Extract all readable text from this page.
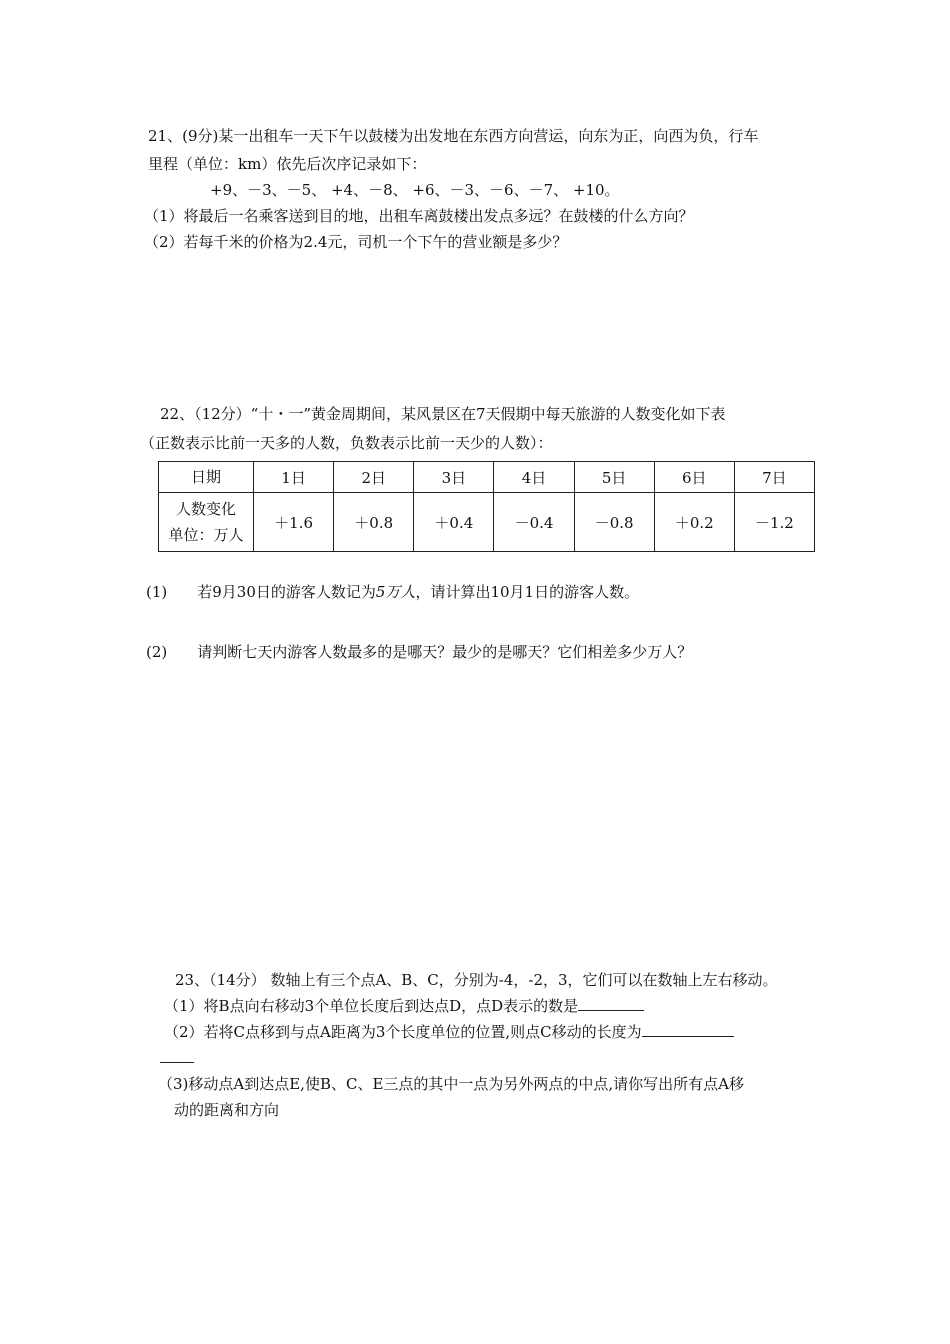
21、(9分)某一出租车一天下午以鼓楼为出发地在东西方向营运，向东为正，向西为负，行车
里程（单位：km）依先后次序记录如下：
+9、－3、－5、 +4、－8、 +6、－3、－6、－7、 +10。
（1）将最后一名乘客送到目的地，出租车离鼓楼出发点多远？在鼓楼的什么方向？
（2）若每千米的价格为2.4元，司机一个下午的营业额是多少？
22、（12分）“十・一”黄金周期间，某风景区在7天假期中每天旅游的人数变化如下表
（正数表示比前一天多的人数，负数表示比前一天少的人数）：
日期	1日	2日	3日	4日	5日	6日	7日

人数变化
单位：万人	＋1.6	＋0.8	＋0.4	－0.4	－0.8	＋0.2	－1.2
(1) 若9月30日的游客人数记为5万人，请计算出10月1日的游客人数。
(2) 请判断七天内游客人数最多的是哪天？最少的是哪天？它们相差多少万人？
23、（14分） 数轴上有三个点A、B、C，分别为-4，-2，3，它们可以在数轴上左右移动。
（1）将B点向右移动3个单位长度后到达点D，点D表示的数是
（2）若将C点移到与点A距离为3个长度单位的位置,则点C移动的长度为
（3)移动点A到达点E,使B、C、E三点的其中一点为另外两点的中点,请你写出所有点A移
动的距离和方向
